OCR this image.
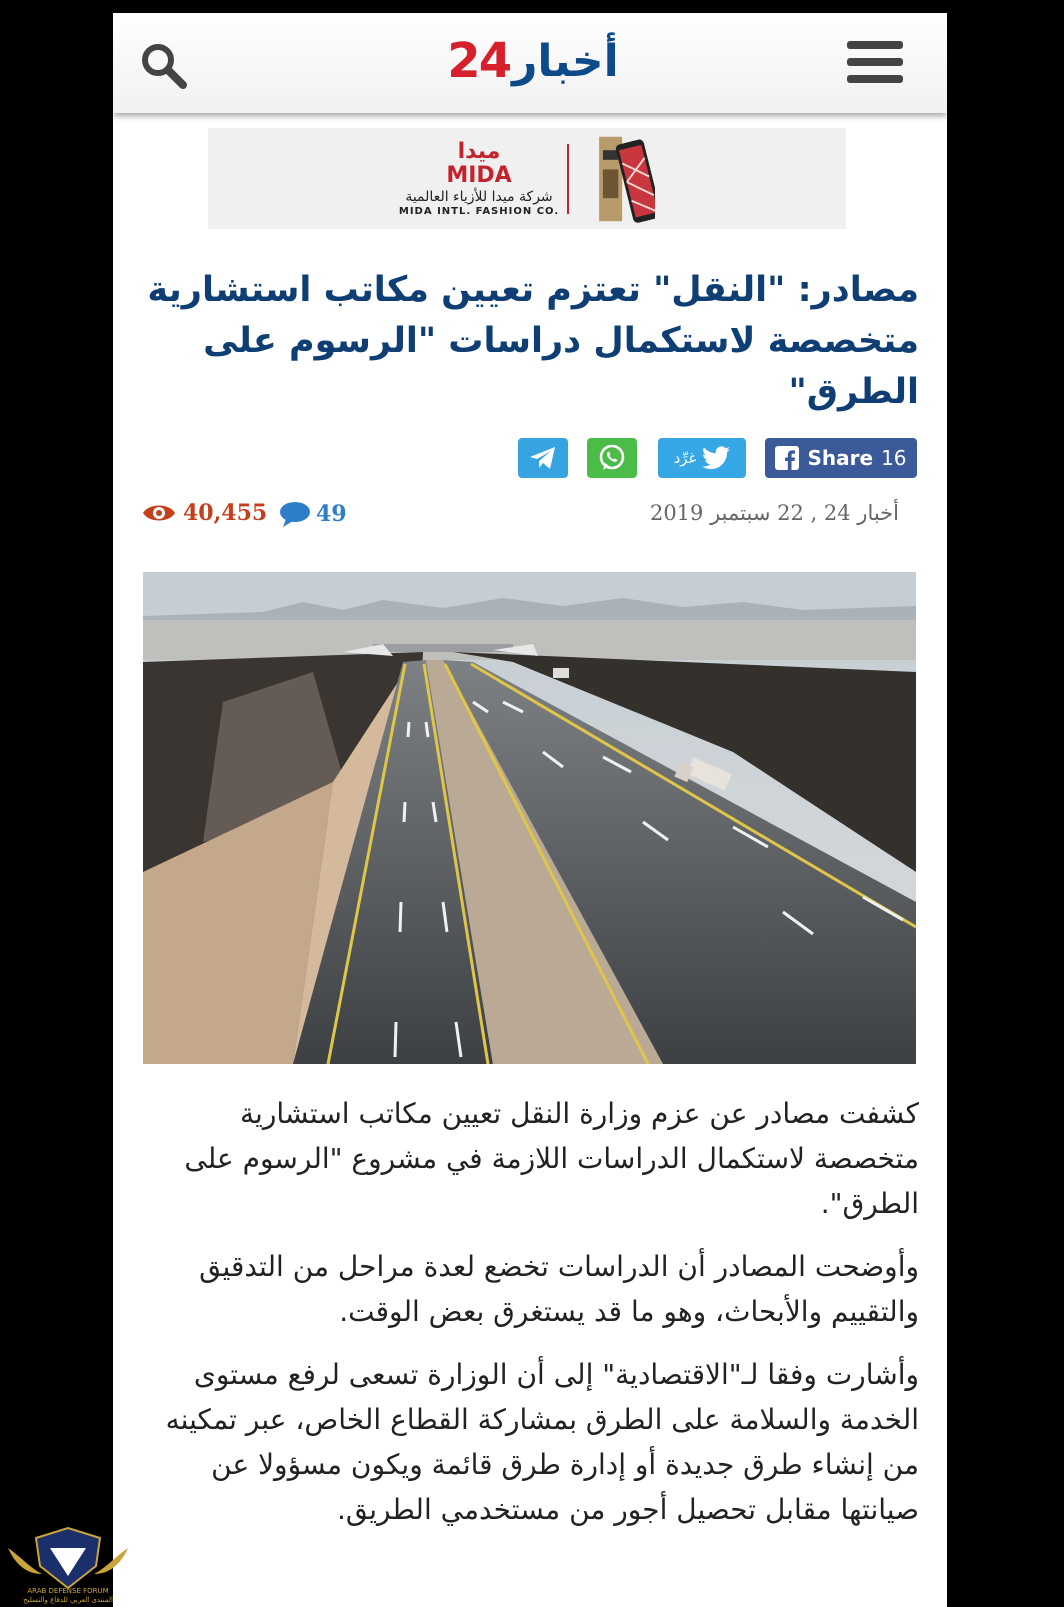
24 أخبار
ميدا
MIDA
شركة ميدا للأزياء العالمية
MIDA INTL. FASHION CO.
مصادر: "النقل" تعتزم تعيين مكاتب استشارية متخصصة لاستكمال دراسات "الرسوم على الطرق"
Share 16
غرِّد
أخبار 24 , 22 سبتمبر 2019
49
40,455

كشفت مصادر عن عزم وزارة النقل تعيين مكاتب استشارية متخصصة لاستكمال الدراسات اللازمة في مشروع "الرسوم على الطرق".

وأوضحت المصادر أن الدراسات تخضع لعدة مراحل من التدقيق والتقييم والأبحاث، وهو ما قد يستغرق بعض الوقت.

وأشارت وفقا لـ"الاقتصادية" إلى أن الوزارة تسعى لرفع مستوى الخدمة والسلامة على الطرق بمشاركة القطاع الخاص، عبر تمكينه من إنشاء طرق جديدة أو إدارة طرق قائمة ويكون مسؤولا عن صيانتها مقابل تحصيل أجور من مستخدمي الطريق.

ARAB DEFENSE FORUM
المنتدى العربي للدفاع والتسليح
